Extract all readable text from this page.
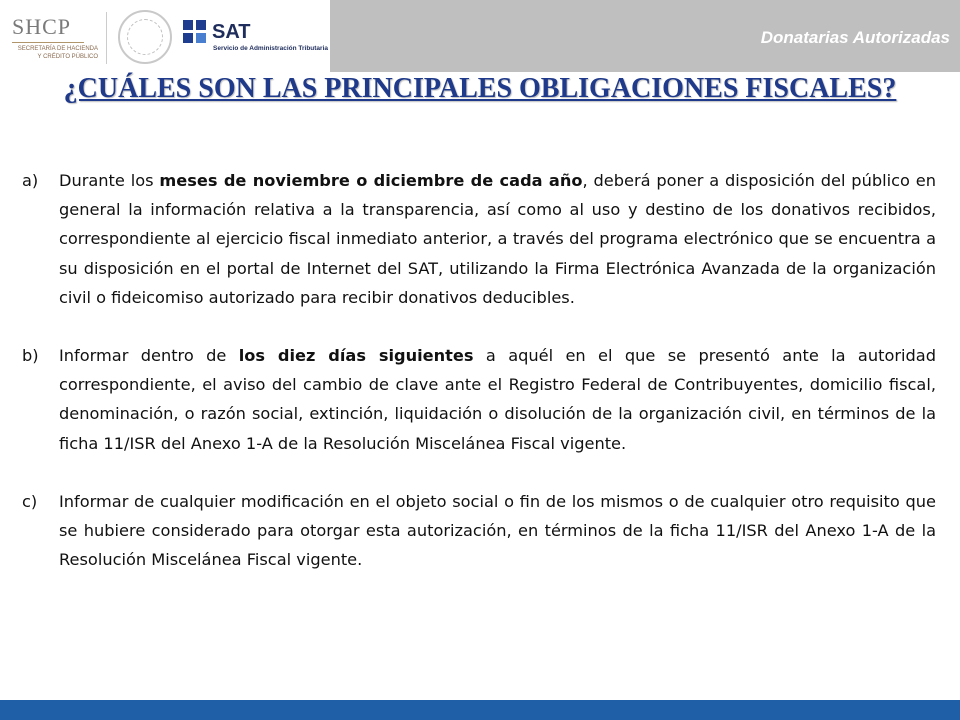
SHCP
SECRETARÍA DE HACIENDA
Y CRÉDITO PÚBLICO
SAT
Servicio de Administración Tributaria
Donatarias Autorizadas
¿CUÁLES SON LAS PRINCIPALES OBLIGACIONES FISCALES?
a)	Durante los meses de noviembre o diciembre de cada año, deberá poner a disposición del público en general la información relativa a la transparencia, así como al uso y destino de los donativos recibidos, correspondiente al ejercicio fiscal inmediato anterior, a través del programa electrónico que se encuentra a su disposición en el portal de Internet del SAT, utilizando la Firma Electrónica Avanzada de la organización civil o fideicomiso autorizado para recibir donativos deducibles.
b)	Informar dentro de los diez días siguientes a aquél en el que se presentó ante la autoridad correspondiente, el aviso del cambio de clave ante el Registro Federal de Contribuyentes, domicilio fiscal, denominación, o razón social, extinción, liquidación o disolución de la organización civil, en términos de la ficha 11/ISR del Anexo 1-A de la Resolución Miscelánea Fiscal vigente.
c)	Informar de cualquier modificación en el objeto social o fin de los mismos o de cualquier otro requisito que se hubiere considerado para otorgar esta autorización, en términos de la ficha 11/ISR del Anexo 1-A de la Resolución Miscelánea Fiscal vigente.
